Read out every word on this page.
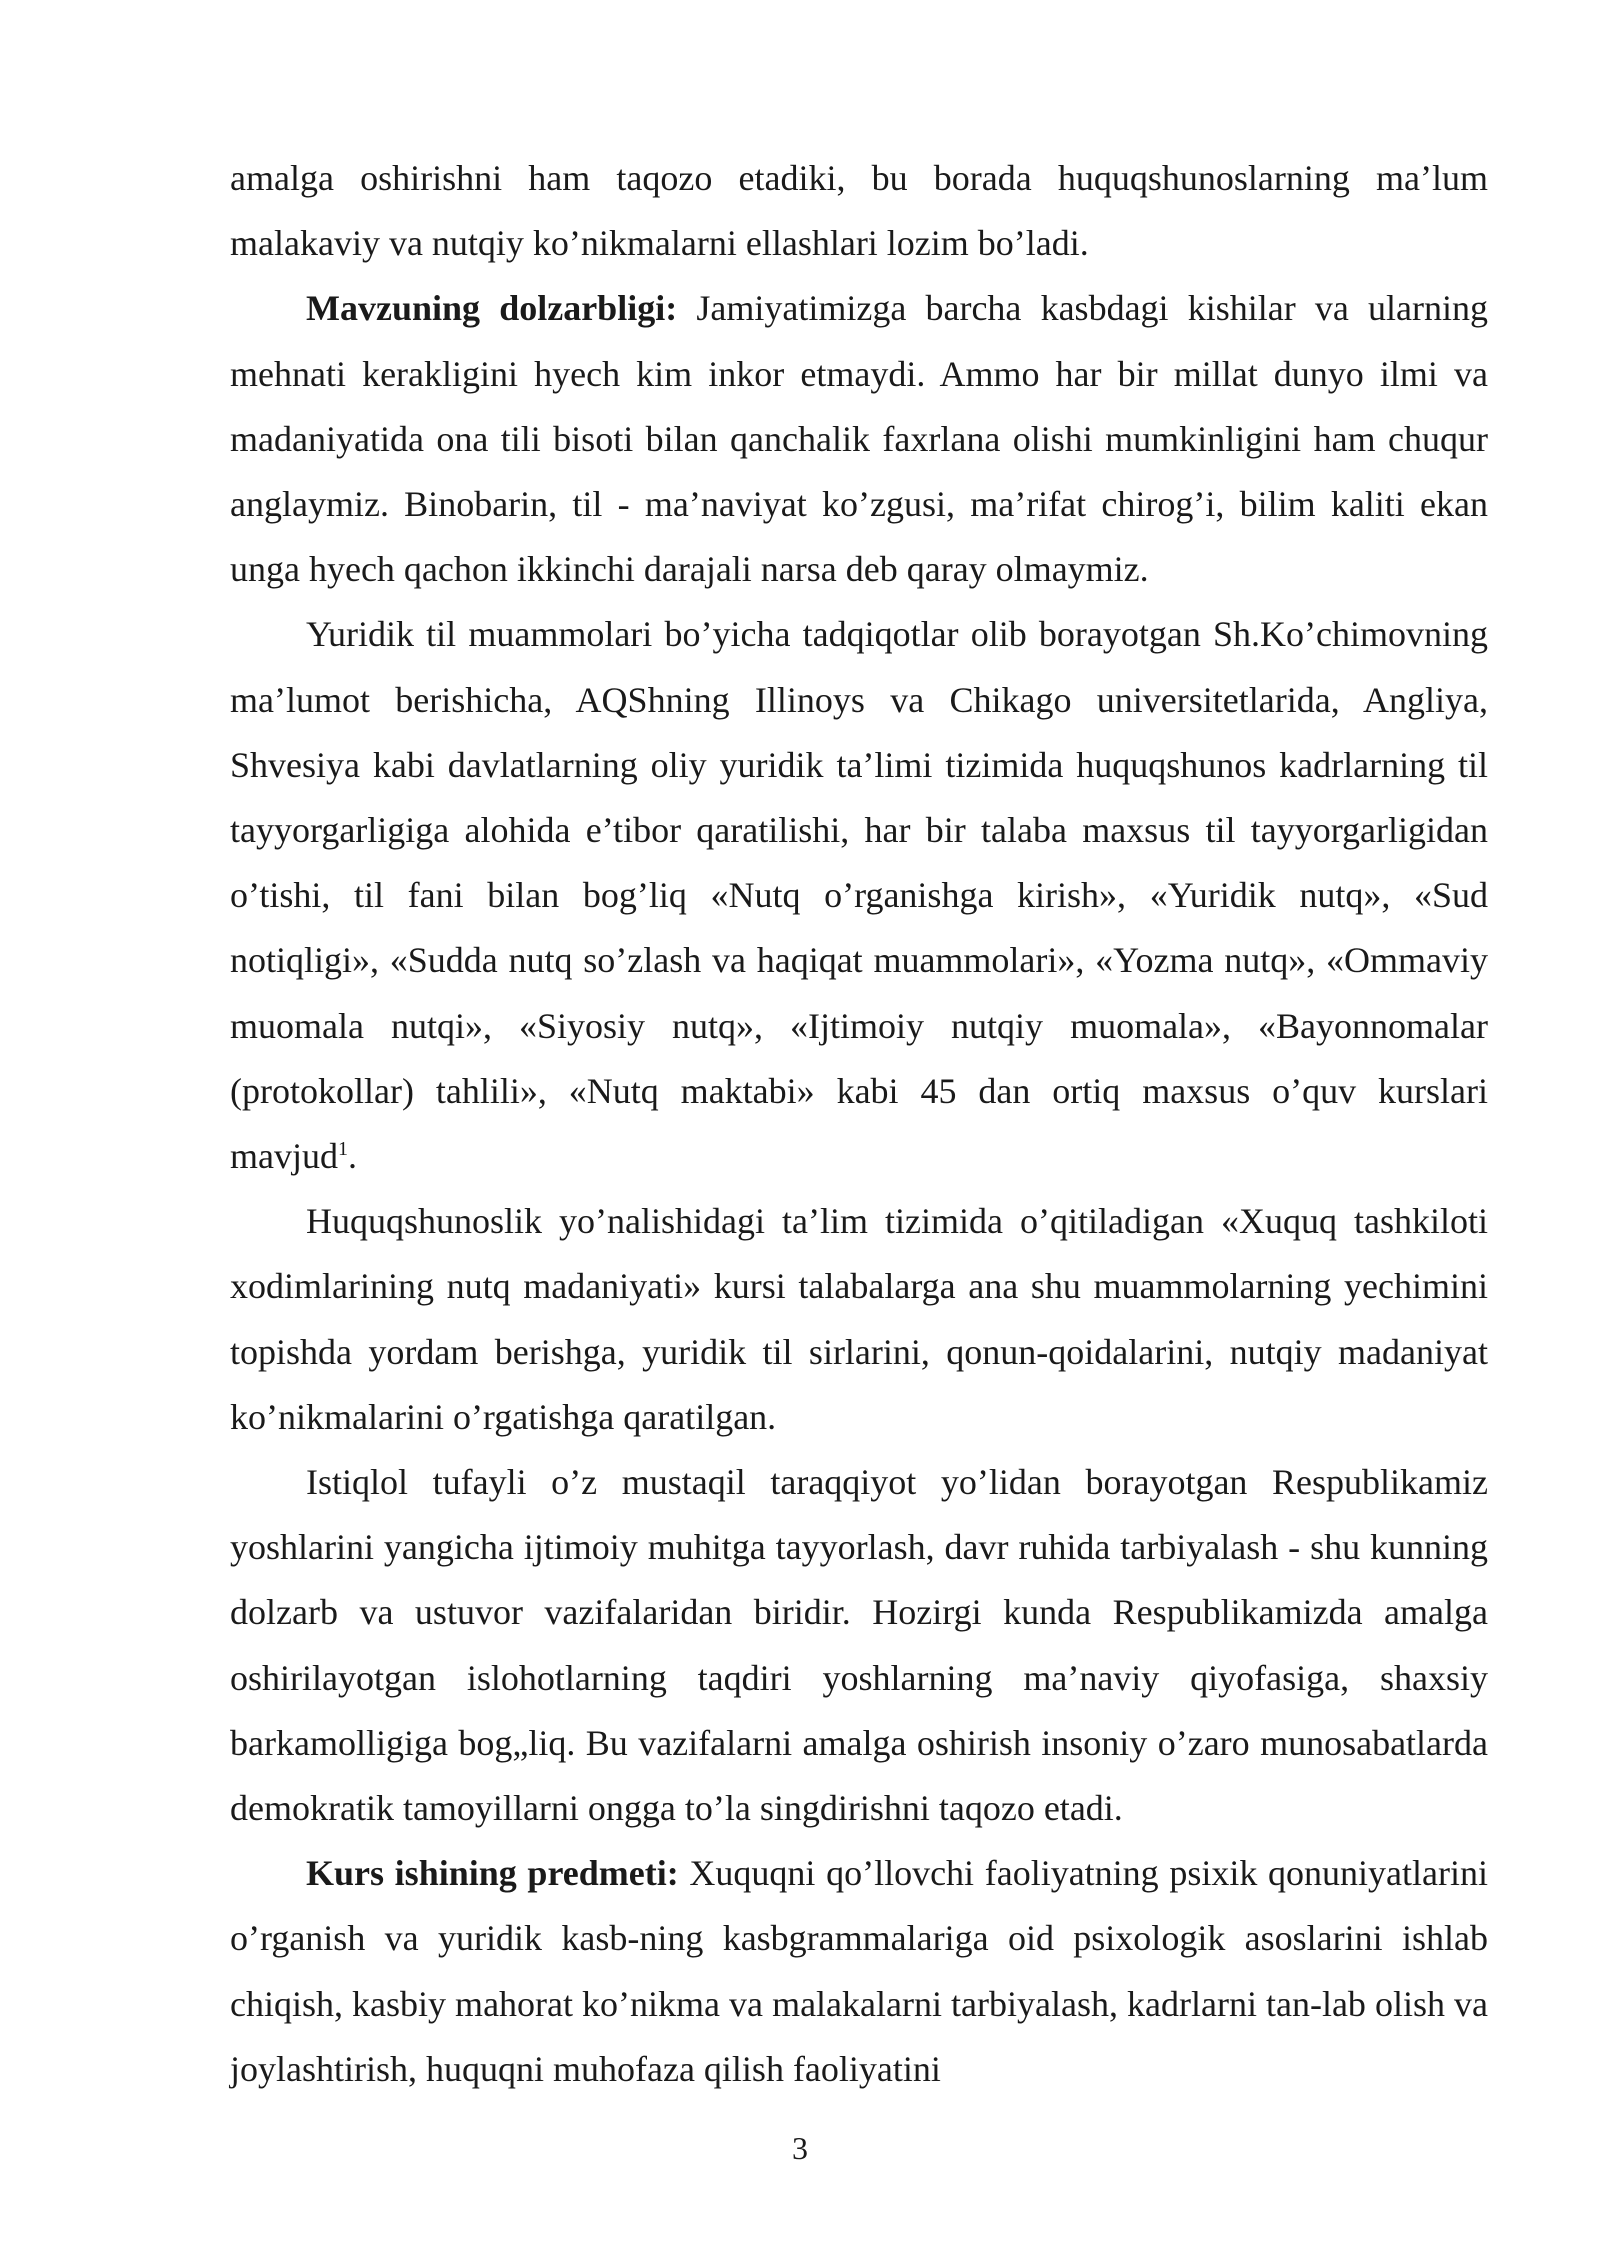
amalga oshirishni ham taqozo etadiki, bu borada huquqshunoslarning ma’lum malakaviy va nutqiy ko’nikmalarni ellashlari lozim bo’ladi.

Mavzuning dolzarbligi: Jamiyatimizga barcha kasbdagi kishilar va ularning mehnati kerakligini hyech kim inkor etmaydi. Ammo har bir millat dunyo ilmi va madaniyatida ona tili bisoti bilan qanchalik faxrlana olishi mumkinligini ham chuqur anglaymiz. Binobarin, til - ma’naviyat ko’zgusi, ma’rifat chirog’i, bilim kaliti ekan unga hyech qachon ikkinchi darajali narsa deb qaray olmaymiz.

Yuridik til muammolari bo’yicha tadqiqotlar olib borayotgan Sh.Ko’chimovning ma’lumot berishicha, AQShning Illinoys va Chikago universitetlarida, Angliya, Shvesiya kabi davlatlarning oliy yuridik ta’limi tizimida huquqshunos kadrlarning til tayyorgarligiga alohida e’tibor qaratilishi, har bir talaba maxsus til tayyorgarligidan o’tishi, til fani bilan bog’liq «Nutq o’rganishga kirish», «Yuridik nutq», «Sud notiqligi», «Sudda nutq so’zlash va haqiqat muammolari», «Yozma nutq», «Ommaviy muomala nutqi», «Siyosiy nutq», «Ijtimoiy nutqiy muomala», «Bayonnomalar (protokollar) tahlili», «Nutq maktabi» kabi 45 dan ortiq maxsus o’quv kurslari mavjud$^1$.

Huquqshunoslik yo’nalishidagi ta’lim tizimida o’qitiladigan «Xuquq tashkiloti xodimlarining nutq madaniyati» kursi talabalarga ana shu muammolarning yechimini topishda yordam berishga, yuridik til sirlarini, qonun-qoidalarini, nutqiy madaniyat ko’nikmalarini o’rgatishga qaratilgan.

Istiqlol tufayli o’z mustaqil taraqqiyot yo’lidan borayotgan Respublikamiz yoshlarini yangicha ijtimoiy muhitga tayyorlash, davr ruhida tarbiyalash - shu kunning dolzarb va ustuvor vazifalaridan biridir. Hozirgi kunda Respublikamizda amalga oshirilayotgan islohotlarning taqdiri yoshlarning ma’naviy qiyofasiga, shaxsiy barkamolligiga bog„liq. Bu vazifalarni amalga oshirish insoniy o’zaro munosabatlarda demokratik tamoyillarni ongga to’la singdirishni taqozo etadi.

Kurs ishining predmeti: Xuquqni qo’llovchi faoliyatning psixik qonuniyatlarini o’rganish va yuridik kasb-ning kasbgrammalariga oid psixologik asoslarini ishlab chiqish, kasbiy mahorat ko’nikma va malakalarni tarbiyalash, kadrlarni tan-lab olish va joylashtirish, huquqni muhofaza qilish faoliyatini

3
